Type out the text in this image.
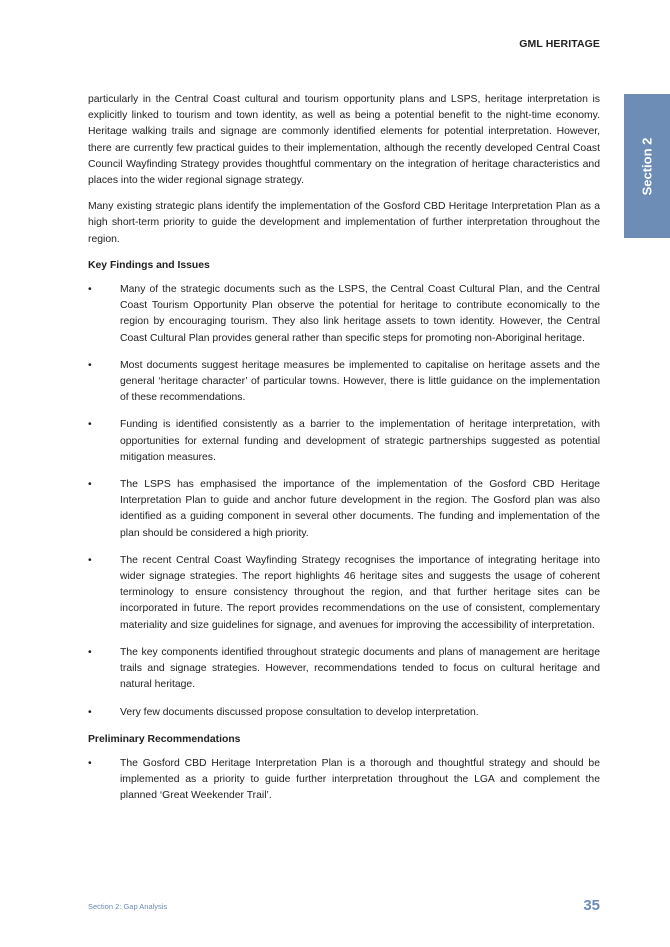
GML HERITAGE
Section 2

particularly in the Central Coast cultural and tourism opportunity plans and LSPS, heritage interpretation is explicitly linked to tourism and town identity, as well as being a potential benefit to the night-time economy. Heritage walking trails and signage are commonly identified elements for potential interpretation. However, there are currently few practical guides to their implementation, although the recently developed Central Coast Council Wayfinding Strategy provides thoughtful commentary on the integration of heritage characteristics and places into the wider regional signage strategy.

Many existing strategic plans identify the implementation of the Gosford CBD Heritage Interpretation Plan as a high short-term priority to guide the development and implementation of further interpretation throughout the region.

Key Findings and Issues
•	Many of the strategic documents such as the LSPS, the Central Coast Cultural Plan, and the Central Coast Tourism Opportunity Plan observe the potential for heritage to contribute economically to the region by encouraging tourism. They also link heritage assets to town identity. However, the Central Coast Cultural Plan provides general rather than specific steps for promoting non-Aboriginal heritage.
•	Most documents suggest heritage measures be implemented to capitalise on heritage assets and the general ‘heritage character’ of particular towns. However, there is little guidance on the implementation of these recommendations.
•	Funding is identified consistently as a barrier to the implementation of heritage interpretation, with opportunities for external funding and development of strategic partnerships suggested as potential mitigation measures.
•	The LSPS has emphasised the importance of the implementation of the Gosford CBD Heritage Interpretation Plan to guide and anchor future development in the region. The Gosford plan was also identified as a guiding component in several other documents. The funding and implementation of the plan should be considered a high priority.
•	The recent Central Coast Wayfinding Strategy recognises the importance of integrating heritage into wider signage strategies. The report highlights 46 heritage sites and suggests the usage of coherent terminology to ensure consistency throughout the region, and that further heritage sites can be incorporated in future. The report provides recommendations on the use of consistent, complementary materiality and size guidelines for signage, and avenues for improving the accessibility of interpretation.
•	The key components identified throughout strategic documents and plans of management are heritage trails and signage strategies. However, recommendations tended to focus on cultural heritage and natural heritage.
•	Very few documents discussed propose consultation to develop interpretation.
Preliminary Recommendations
•	The Gosford CBD Heritage Interpretation Plan is a thorough and thoughtful strategy and should be implemented as a priority to guide further interpretation throughout the LGA and complement the planned ‘Great Weekender Trail’.
Section 2: Gap Analysis	35
